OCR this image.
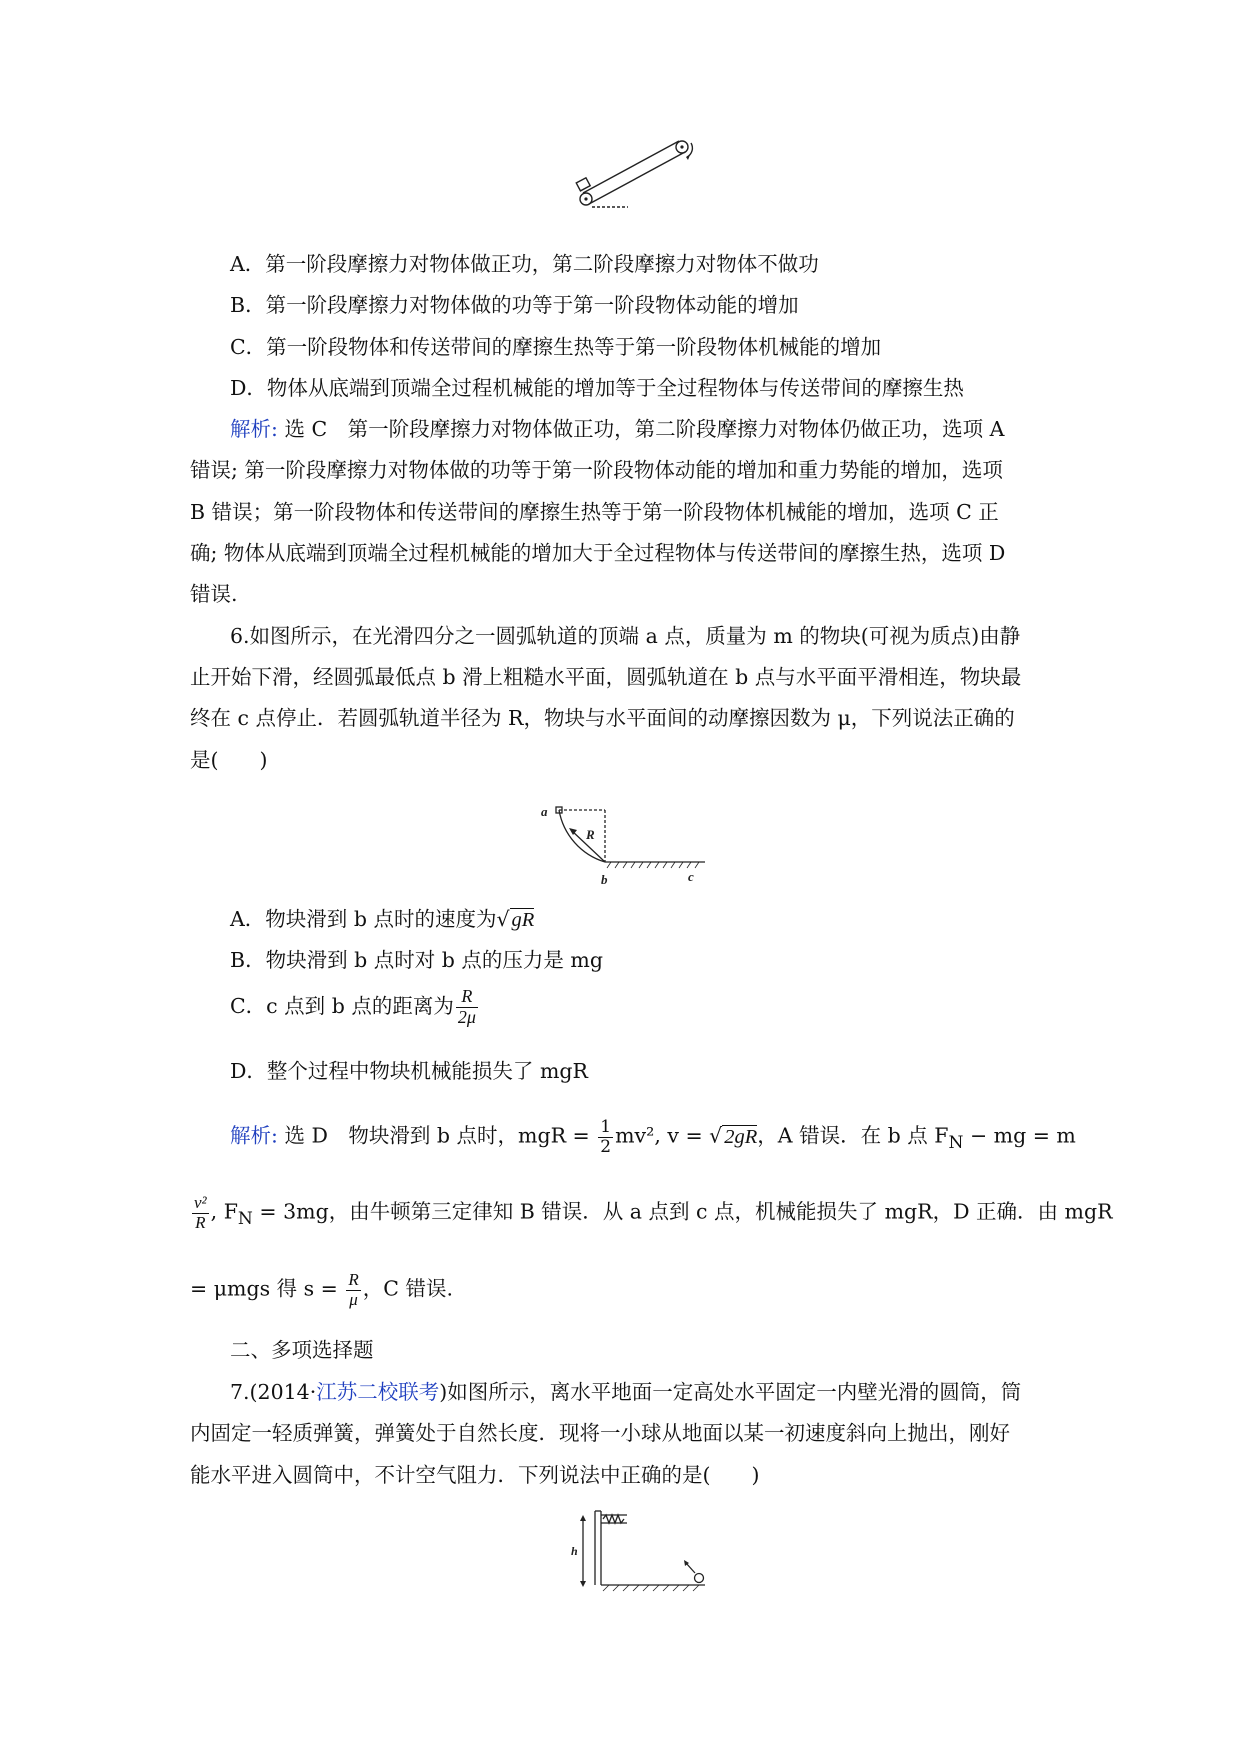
A．第一阶段摩擦力对物体做正功，第二阶段摩擦力对物体不做功
B．第一阶段摩擦力对物体做的功等于第一阶段物体动能的增加
C．第一阶段物体和传送带间的摩擦生热等于第一阶段物体机械能的增加
D．物体从底端到顶端全过程机械能的增加等于全过程物体与传送带间的摩擦生热
解析: 选 C　第一阶段摩擦力对物体做正功，第二阶段摩擦力对物体仍做正功，选项 A
错误; 第一阶段摩擦力对物体做的功等于第一阶段物体动能的增加和重力势能的增加，选项
B 错误；第一阶段物体和传送带间的摩擦生热等于第一阶段物体机械能的增加，选项 C 正
确; 物体从底端到顶端全过程机械能的增加大于全过程物体与传送带间的摩擦生热，选项 D
错误.
6.如图所示，在光滑四分之一圆弧轨道的顶端 a 点，质量为 m 的物块(可视为质点)由静
止开始下滑，经圆弧最低点 b 滑上粗糙水平面，圆弧轨道在 b 点与水平面平滑相连，物块最
终在 c 点停止．若圆弧轨道半径为 R，物块与水平面间的动摩擦因数为 μ，下列说法正确的
是(　　)
a
R
b	c
A．物块滑到 b 点时的速度为√gR
B．物块滑到 b 点时对 b 点的压力是 mg
C．c 点到 b 点的距离为 $\frac{R}{2\mu}$
D．整个过程中物块机械能损失了 mgR
解析: 选 D　物块滑到 b 点时，mgR = $\frac{1}{2} mv^2$, v = √2gR，A 错误．在 b 点 $F_N$ − mg = m
$\frac{\text{v²}}{R}$ , $F_N = 3mg$，由牛顿第三定律知 B 错误．从 a 点到 c 点，机械能损失了 mgR，D 正确．由 mgR
= μmgs 得 $s = \frac{R}{\mu}$ ，C 错误.
二、多项选择题
7.(2014·江苏二校联考)如图所示，离水平地面一定高处水平固定一内壁光滑的圆筒，筒
内固定一轻质弹簧，弹簧处于自然长度．现将一小球从地面以某一初速度斜向上抛出，刚好
能水平进入圆筒中，不计空气阻力．下列说法中正确的是(　　)
h
